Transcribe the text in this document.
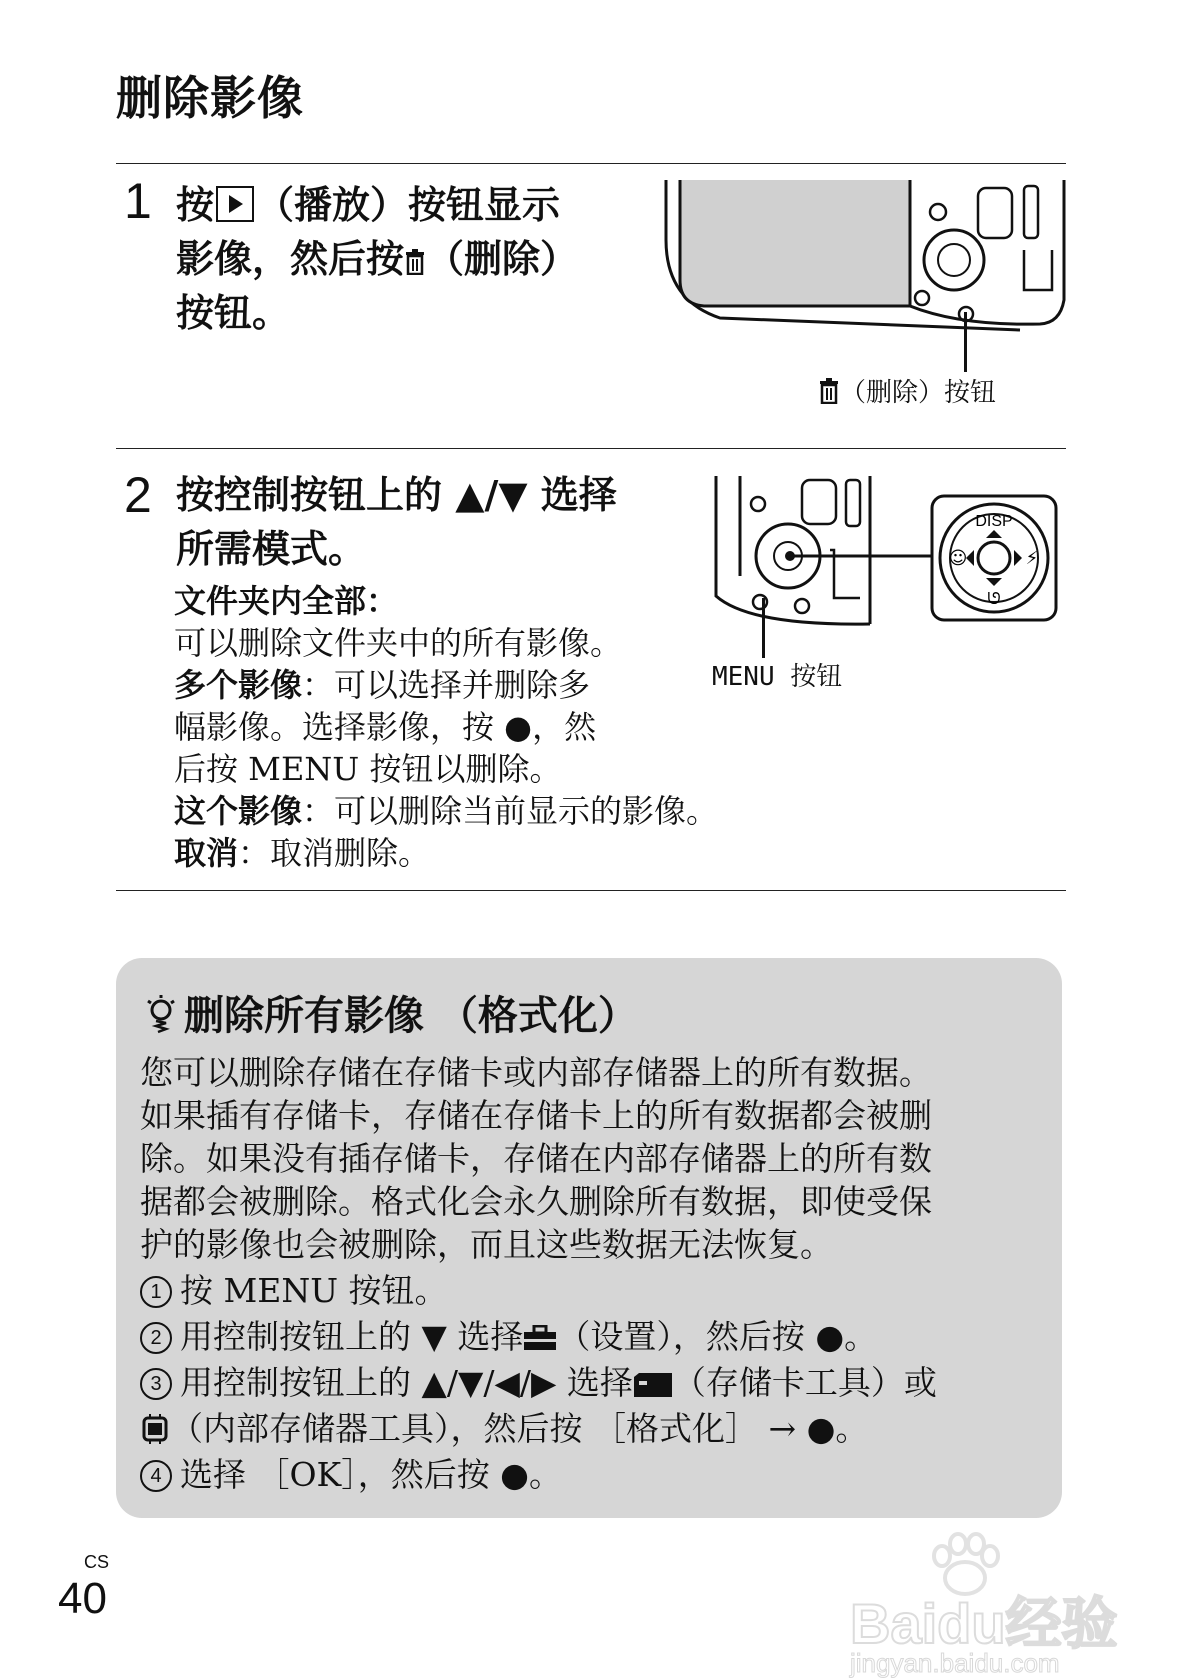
删除影像
1 按 （播放）按钮显示
影像，然后按 （删除）
按钮。
（删除）按钮
2 按控制按钮上的 ▲/▼ 选择
所需模式。
文件夹内全部：
可以删除文件夹中的所有影像。
多个影像：可以选择并删除多
幅影像。选择影像，按 ●，然
后按 MENU 按钮以删除。
这个影像：可以删除当前显示的影像。
取消：取消删除。
DISP
☺	⚡
ᘎ
MENU 按钮
删除所有影像 （格式化）
您可以删除存储在存储卡或内部存储器上的所有数据。
如果插有存储卡，存储在存储卡上的所有数据都会被删
除。如果没有插存储卡，存储在内部存储器上的所有数
据都会被删除。格式化会永久删除所有数据，即使受保
护的影像也会被删除，而且这些数据无法恢复。
1 按 MENU 按钮。
2 用控制按钮上的 ▼ 选择 （设置），然后按 ●。
3 用控制按钮上的 ▲/▼/◀/▶ 选择 （存储卡工具）或
（内部存储器工具），然后按 ［格式化］ → ●。
4 选择 ［OK］，然后按 ●。
CS
40	Baidu经验
jingyan.baidu.com
